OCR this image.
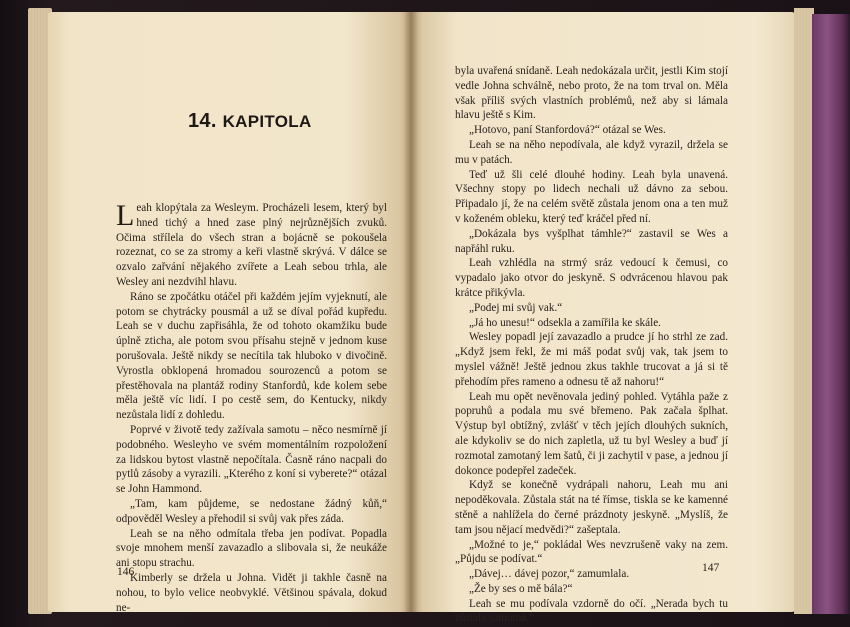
14. KAPITOLA

Leah klopýtala za Wesleym. Procházeli lesem, který byl hned tichý a hned zase plný nejrůznějších zvuků. Očima střílela do všech stran a bojácně se pokoušela rozeznat, co se za stromy a keři vlastně skrývá. V dálce se ozvalo zařvání nějakého zvířete a Leah sebou trhla, ale Wesley ani nezdvihl hlavu.

Ráno se zpočátku otáčel při každém jejím vyjeknutí, ale potom se chytrácky pousmál a už se díval pořád kupředu. Leah se v duchu zapřisáhla, že od tohoto okamžiku bude úplně zticha, ale potom svou přísahu stejně v jednom kuse porušovala. Ještě nikdy se necítila tak hluboko v divočině. Vyrostla obklopená hromadou sourozenců a potom se přestěhovala na plantáž rodiny Stanfordů, kde kolem sebe měla ještě víc lidí. I po cestě sem, do Kentucky, nikdy nezůstala lidí z dohledu.

Poprvé v životě tedy zažívala samotu – něco nesmírně jí podobného. Wesleyho ve svém momentálním rozpoložení za lidskou bytost vlastně nepočítala. Časně ráno nacpali do pytlů zásoby a vyrazili. „Kterého z koní si vyberete?“ otázal se John Hammond.

„Tam, kam půjdeme, se nedostane žádný kůň,“ odpověděl Wesley a přehodil si svůj vak přes záda.

Leah se na něho odmítala třeba jen podívat. Popadla svoje mnohem menší zavazadlo a slibovala si, že neukáže ani stopu strachu.

Kimberly se držela u Johna. Vidět ji takhle časně na nohou, to bylo velice neobvyklé. Většinou spávala, dokud ne-

146

byla uvařená snídaně. Leah nedokázala určit, jestli Kim stojí vedle Johna schválně, nebo proto, že na tom trval on. Měla však příliš svých vlastních problémů, než aby si lámala hlavu ještě s Kim.

„Hotovo, paní Stanfordová?“ otázal se Wes.

Leah se na něho nepodívala, ale když vyrazil, držela se mu v patách.

Teď už šli celé dlouhé hodiny. Leah byla unavená. Všechny stopy po lidech nechali už dávno za sebou. Připadalo jí, že na celém světě zůstala jenom ona a ten muž v koženém obleku, který teď kráčel před ní.

„Dokázala bys vyšplhat támhle?“ zastavil se Wes a napřáhl ruku.

Leah vzhlédla na strmý sráz vedoucí k čemusi, co vypadalo jako otvor do jeskyně. S odvrácenou hlavou pak krátce přikývla.

„Podej mi svůj vak.“

„Já ho unesu!“ odsekla a zamířila ke skále.

Wesley popadl její zavazadlo a prudce jí ho strhl ze zad. „Když jsem řekl, že mi máš podat svůj vak, tak jsem to myslel vážně! Ještě jednou zkus takhle trucovat a já si tě přehodím přes rameno a odnesu tě až nahoru!“

Leah mu opět nevěnovala jediný pohled. Vytáhla paže z popruhů a podala mu své břemeno. Pak začala šplhat. Výstup byl obtížný, zvlášť v těch jejích dlouhých sukních, ale kdykoliv se do nich zapletla, už tu byl Wesley a buď jí rozmotal zamotaný lem šatů, či ji zachytil v pase, a jednou jí dokonce podepřel zadeček.

Když se konečně vydrápali nahoru, Leah mu ani nepoděkovala. Zůstala stát na té římse, tiskla se ke kamenné stěně a nahlížela do černé prázdnoty jeskyně. „Myslíš, že tam jsou nějací medvědi?“ zašeptala.

„Možné to je,“ pokládal Wes nevzrušeně vaky na zem. „Půjdu se podívat.“

„Dávej… dávej pozor,“ zamumlala.

„Že by ses o mě bála?“

Leah se mu podívala vzdorně do očí. „Nerada bych tu zůstala samotná.“

147
